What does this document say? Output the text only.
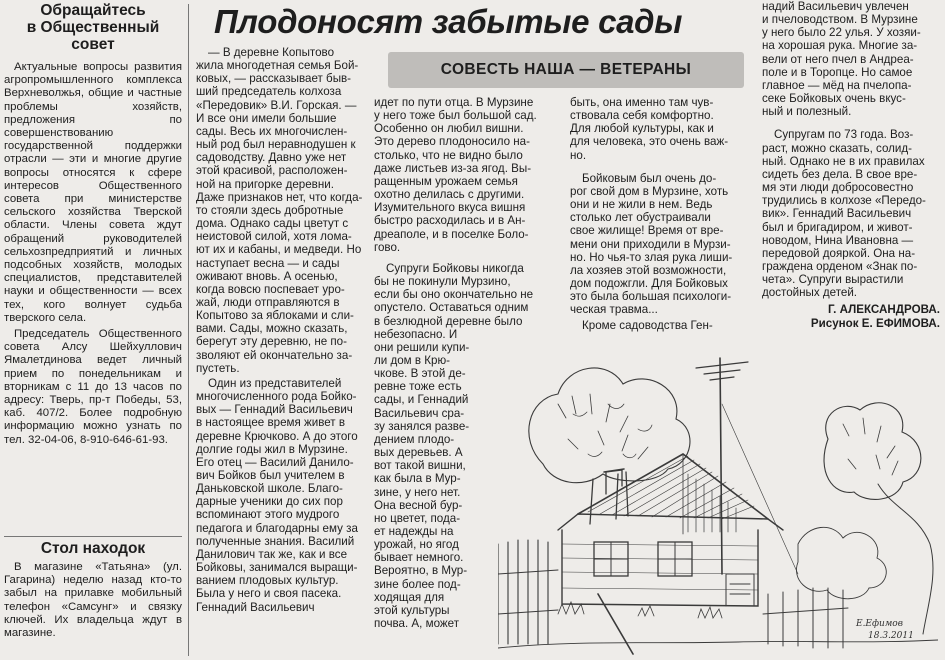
Обращайтесь
в Общественный
совет

Актуальные вопросы развития агропромышленного комплекса Верхневолжья, общие и частные проблемы хозяйств, предложения по совершенствованию государственной поддержки отрасли — эти и многие другие вопросы относятся к сфере интересов Общественного совета при министерстве сельского хозяйства Тверской области. Члены совета ждут обращений руководителей сельхозпредприятий и личных подсобных хозяйств, молодых специалистов, представителей науки и общественности — всех тех, кого волнует судьба тверского села.

Председатель Общественного совета Алсу Шейхуллович Ямалетдинова ведет личный прием по понедельникам и вторникам с 11 до 13 часов по адресу: Тверь, пр-т Победы, 53, каб. 407/2. Более подробную информацию можно узнать по тел. 32-04-06, 8-910-646-61-93.

Стол находок

В магазине «Татьяна» (ул. Гагарина) неделю назад кто-то забыл на прилавке мобильный телефон «Самсунг» и связку ключей. Их владельца ждут в магазине.

Плодоносят забытые сады
СОВЕСТЬ НАША — ВЕТЕРАНЫ

— В деревне Копытово
жила многодетная семья Бой-
ковых, — рассказывает быв-
ший председатель колхоза
«Передовик» В.И. Горская. —
И все они имели большие
сады. Весь их многочислен-
ный род был неравнодушен к
садоводству. Давно уже нет
этой красивой, расположен-
ной на пригорке деревни.
Даже признаков нет, что когда-
то стояли здесь добротные
дома. Однако сады цветут с
неистовой силой, хотя лома-
ют их и кабаны, и медведи. Но
наступает весна — и сады
оживают вновь. А осенью,
когда вовсю поспевает уро-
жай, люди отправляются в
Копытово за яблоками и сли-
вами. Сады, можно сказать,
берегут эту деревню, не по-
зволяют ей окончательно за-
пустеть.

Один из представителей
многочисленного рода Бойко-
вых — Геннадий Васильевич
в настоящее время живет в
деревне Крючково. А до этого
долгие годы жил в Мурзине.
Его отец — Василий Данило-
вич Бойков был учителем в
Даньковской школе. Благо-
дарные ученики до сих пор
вспоминают этого мудрого
педагога и благодарны ему за
полученные знания. Василий
Данилович так же, как и все
Бойковы, занимался выращи-
ванием плодовых культур.
Была у него и своя пасека.
Геннадий Васильевич

идет по пути отца. В Мурзине
у него тоже был большой сад.
Особенно он любил вишни.
Это дерево плодоносило на-
столько, что не видно было
даже листьев из-за ягод. Вы-
ращенным урожаем семья
охотно делилась с другими.
Изумительного вкуса вишня
быстро расходилась и в Ан-
дреаполе, и в поселке Боло-
гово.

Супруги Бойковы никогда
бы не покинули Мурзино,
если бы оно окончательно не
опустело. Оставаться одним
в безлюдной деревне было
небезопасно. И
они решили купи-
ли дом в Крю-
чкове. В этой де-
ревне тоже есть
сады, и Геннадий
Васильевич сра-
зу занялся разве-
дением плодо-
вых деревьев. А
вот такой вишни,
как была в Мур-
зине, у него нет.
Она весной бур-
но цветет, пода-
ет надежды на
урожай, но ягод
бывает немного.
Вероятно, в Мур-
зине более под-
ходящая для
этой культуры
почва. А, может

быть, она именно там чув-
ствовала себя комфортно.
Для любой культуры, как и
для человека, это очень важ-
но.

Бойковым был очень до-
рог свой дом в Мурзине, хоть
они и не жили в нем. Ведь
столько лет обустраивали
свое жилище! Время от вре-
мени они приходили в Мурзи-
но. Но чья-то злая рука лиши-
ла хозяев этой возможности,
дом подожгли. Для Бойковых
это была большая психологи-
ческая травма...

Кроме садоводства Ген-

надий Васильевич увлечен
и пчеловодством. В Мурзине
у него было 22 улья. У хозяи-
на хорошая рука. Многие за-
вели от него пчел в Андреа-
поле и в Торопце. Но самое
главное — мёд на пчелопа-
секе Бойковых очень вкус-
ный и полезный.

Супругам по 73 года. Воз-
раст, можно сказать, солид-
ный. Однако не в их правилах
сидеть без дела. В свое вре-
мя эти люди добросовестно
трудились в колхозе «Передо-
вик». Геннадий Васильевич
был и бригадиром, и живот-
новодом, Нина Ивановна —
передовой дояркой. Она на-
граждена орденом «Знак по-
чета». Супруги вырастили
достойных детей.

Г. АЛЕКСАНДРОВА.

Рисунок Е. ЕФИМОВА.

Е.Ефимов 18.3.2011
